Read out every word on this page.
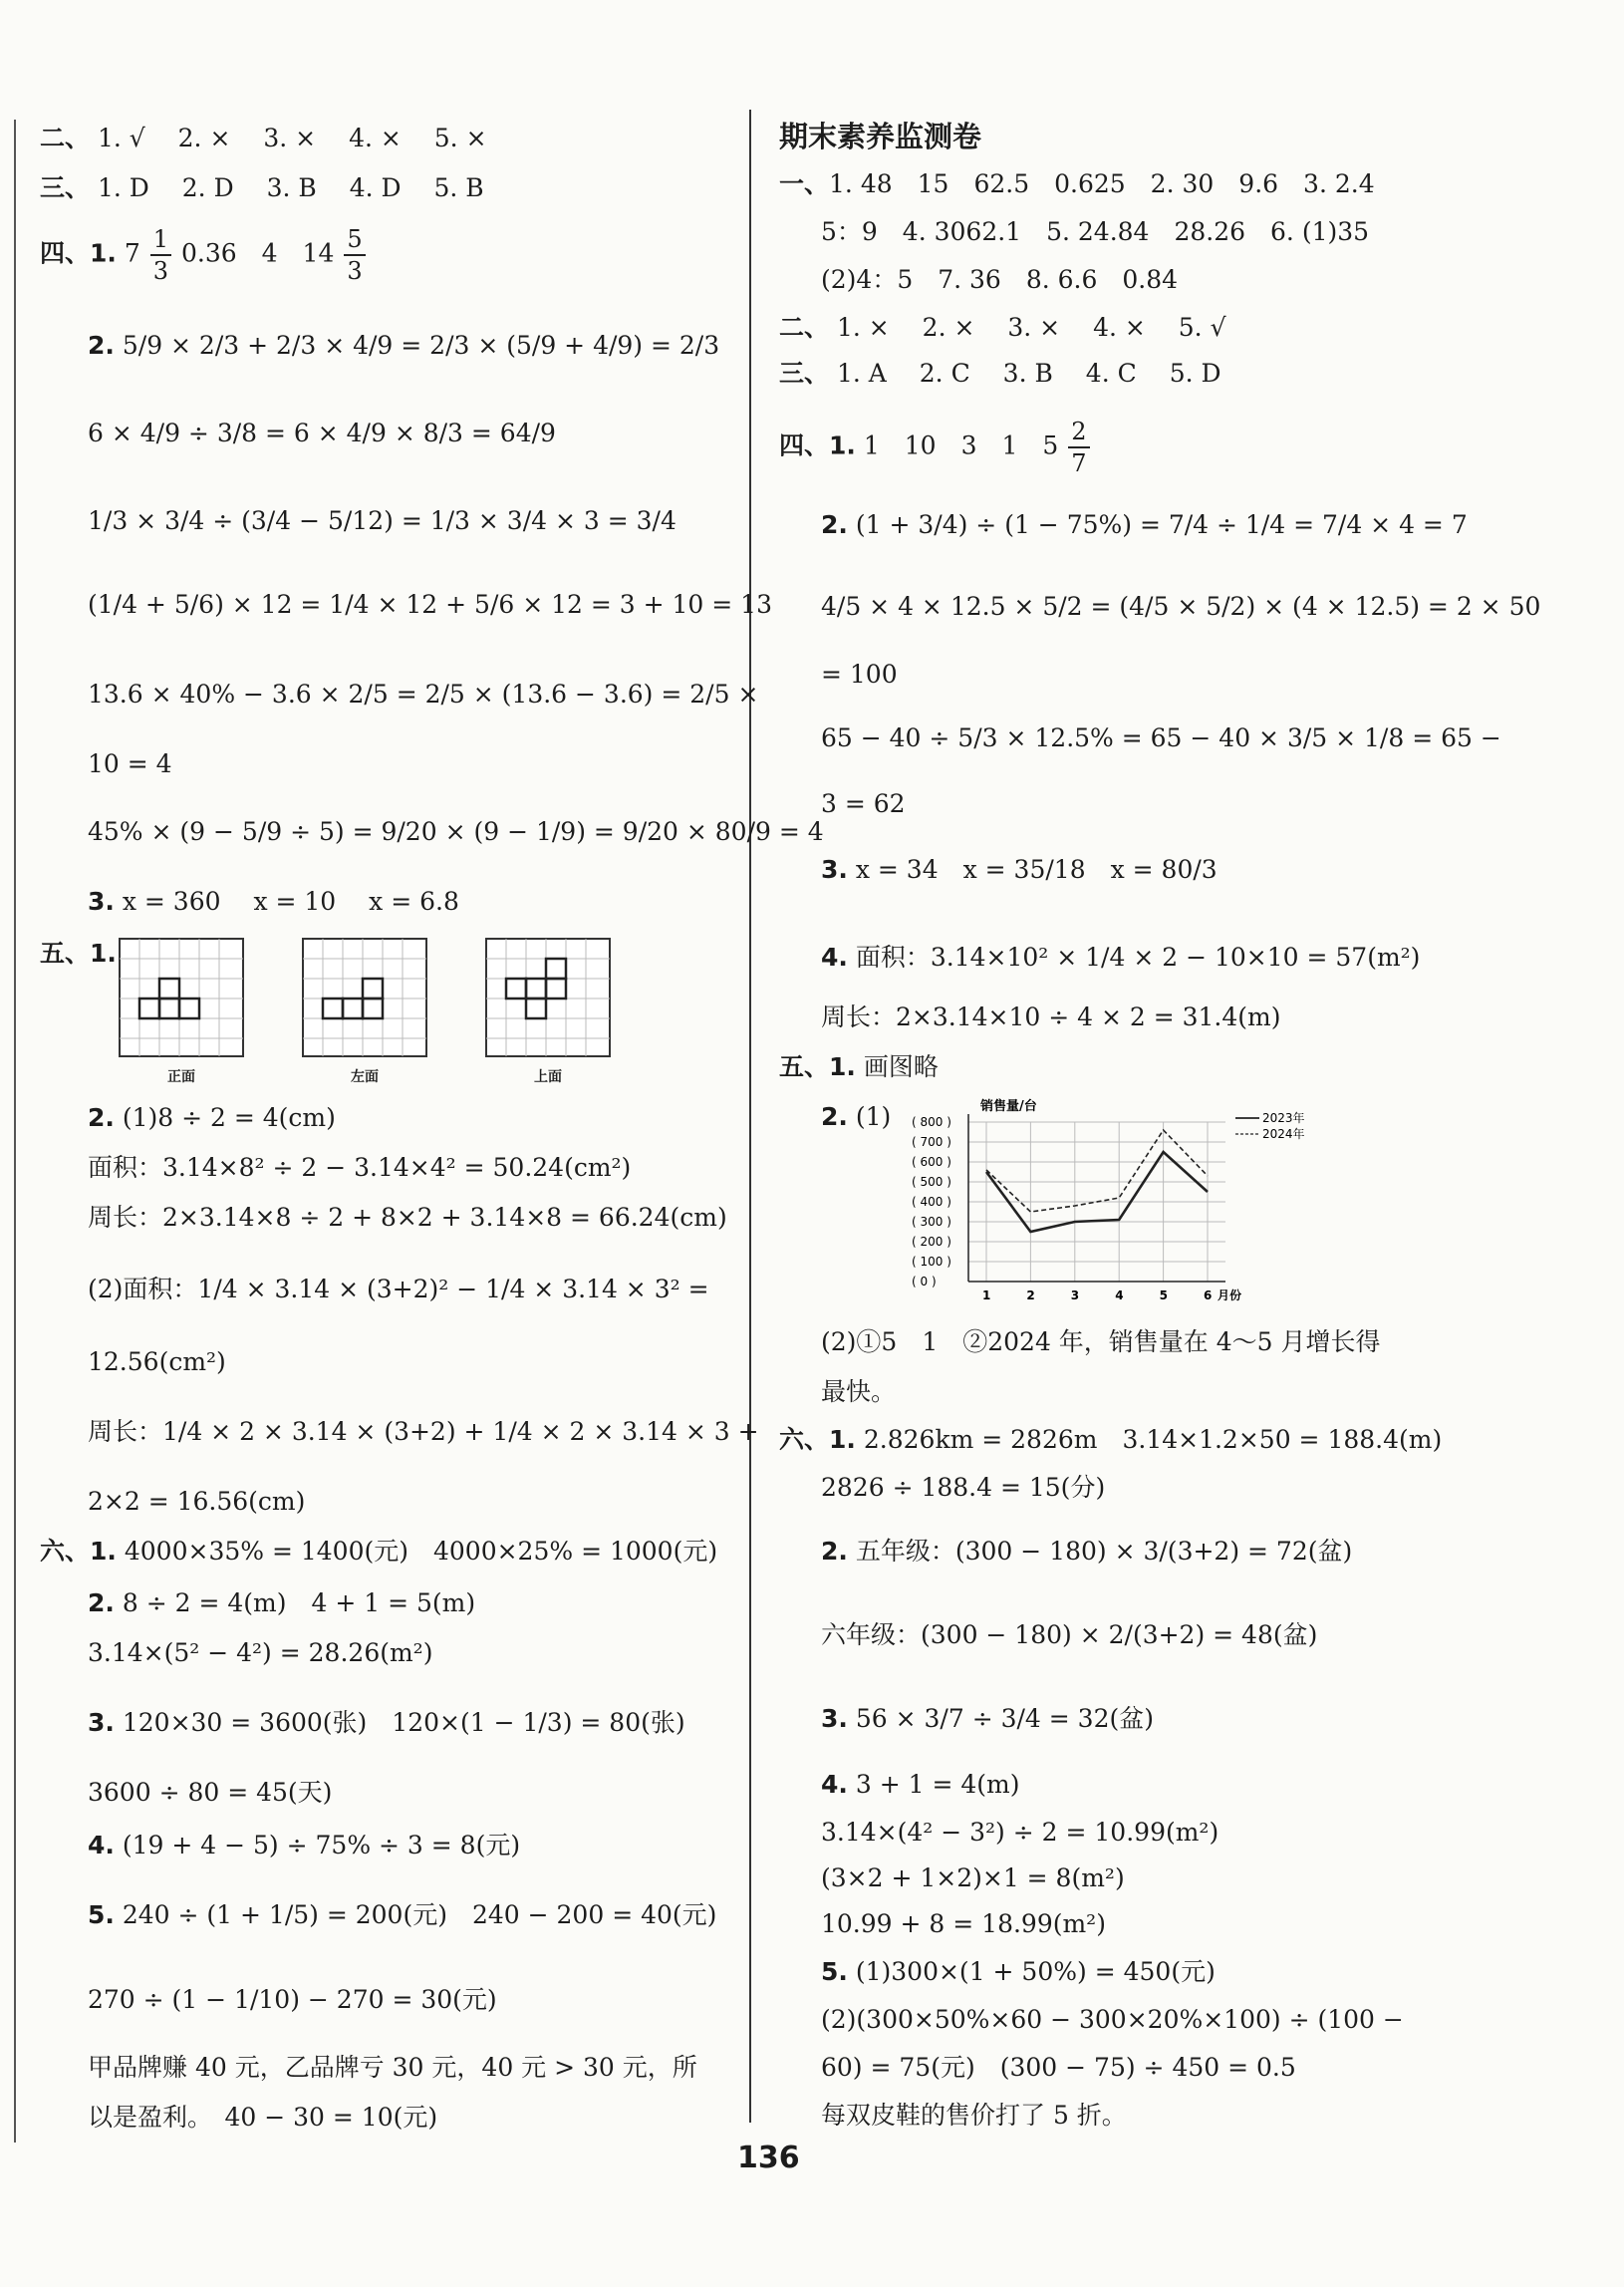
二、 1. √　 2. ×　 3. ×　 4. ×　 5. ×
三、 1. D　 2. D　 3. B　 4. D　 5. B
四、1. $7 \frac{1}{3} 0.36$　4　$14 \frac{5}{3}$
2. 5/9 × 2/3 + 2/3 × 4/9 = 2/3 × (5/9 + 4/9) = 2/3
6 × 4/9 ÷ 3/8 = 6 × 4/9 × 8/3 = 64/9
1/3 × 3/4 ÷ (3/4 − 5/12) = 1/3 × 3/4 × 3 = 3/4
(1/4 + 5/6) × 12 = 1/4 × 12 + 5/6 × 12 = 3 + 10 = 13
13.6 × 40% − 3.6 × 2/5 = 2/5 × (13.6 − 3.6) = 2/5 ×
10 = 4
45% × (9 − 5/9 ÷ 5) = 9/20 × (9 − 1/9) = 9/20 × 80/9 = 4
3. x = 360　 x = 10　 x = 6.8
五、1.
正面	左面	上面
2. (1)8 ÷ 2 = 4(cm)
面积：3.14×8² ÷ 2 − 3.14×4² = 50.24(cm²)
周长：2×3.14×8 ÷ 2 + 8×2 + 3.14×8 = 66.24(cm)
(2)面积：1/4 × 3.14 × (3+2)² − 1/4 × 3.14 × 3² =
12.56(cm²)
周长：1/4 × 2 × 3.14 × (3+2) + 1/4 × 2 × 3.14 × 3 +
2×2 = 16.56(cm)
六、1. 4000×35% = 1400(元)　4000×25% = 1000(元)
2. 8 ÷ 2 = 4(m)　4 + 1 = 5(m)
3.14×(5² − 4²) = 28.26(m²)
3. 120×30 = 3600(张)　120×(1 − 1/3) = 80(张)
3600 ÷ 80 = 45(天)
4. (19 + 4 − 5) ÷ 75% ÷ 3 = 8(元)
5. 240 ÷ (1 + 1/5) = 200(元)　240 − 200 = 40(元)
270 ÷ (1 − 1/10) − 270 = 30(元)
甲品牌赚 40 元，乙品牌亏 30 元，40 元 > 30 元，所
以是盈利。　40 − 30 = 10(元)
期末素养监测卷
一、1. 48　15　62.5　0.625　2. 30　9.6　3. 2.4
5：9　4. 3062.1　5. 24.84　28.26　6. (1)35
(2)4：5　7. 36　8. 6.6　0.84
二、 1. ×　 2. ×　 3. ×　 4. ×　 5. √
三、 1. A　 2. C　 3. B　 4. C　 5. D
四、1. 1　10　3　1　$5 \frac{2}{7}$
2. (1 + 3/4) ÷ (1 − 75%) = 7/4 ÷ 1/4 = 7/4 × 4 = 7
4/5 × 4 × 12.5 × 5/2 = (4/5 × 5/2) × (4 × 12.5) = 2 × 50
= 100
65 − 40 ÷ 5/3 × 12.5% = 65 − 40 × 3/5 × 1/8 = 65 −
3 = 62
3. x = 34　x = 35/18　x = 80/3
4. 面积：3.14×10² × 1/4 × 2 − 10×10 = 57(m²)
周长：2×3.14×10 ÷ 4 × 2 = 31.4(m)
五、1. 画图略
2. (1)	销售量/台
( 800 )
( 700 )
( 600 )
( 500 )
( 400 )
( 300 )
( 200 )
( 100 )
( 0 )
1	2	3	4	5	6 月份
2023年
2024年
(2)①5　1　②2024 年，销售量在 4～5 月增长得
最快。
六、1. 2.826km = 2826m　3.14×1.2×50 = 188.4(m)
2826 ÷ 188.4 = 15(分)
2. 五年级：(300 − 180) × 3/(3+2) = 72(盆)
六年级：(300 − 180) × 2/(3+2) = 48(盆)
3. 56 × 3/7 ÷ 3/4 = 32(盆)
4. 3 + 1 = 4(m)
3.14×(4² − 3²) ÷ 2 = 10.99(m²)
(3×2 + 1×2)×1 = 8(m²)
10.99 + 8 = 18.99(m²)
5. (1)300×(1 + 50%) = 450(元)
(2)(300×50%×60 − 300×20%×100) ÷ (100 −
60) = 75(元)　(300 − 75) ÷ 450 = 0.5
每双皮鞋的售价打了 5 折。
136
